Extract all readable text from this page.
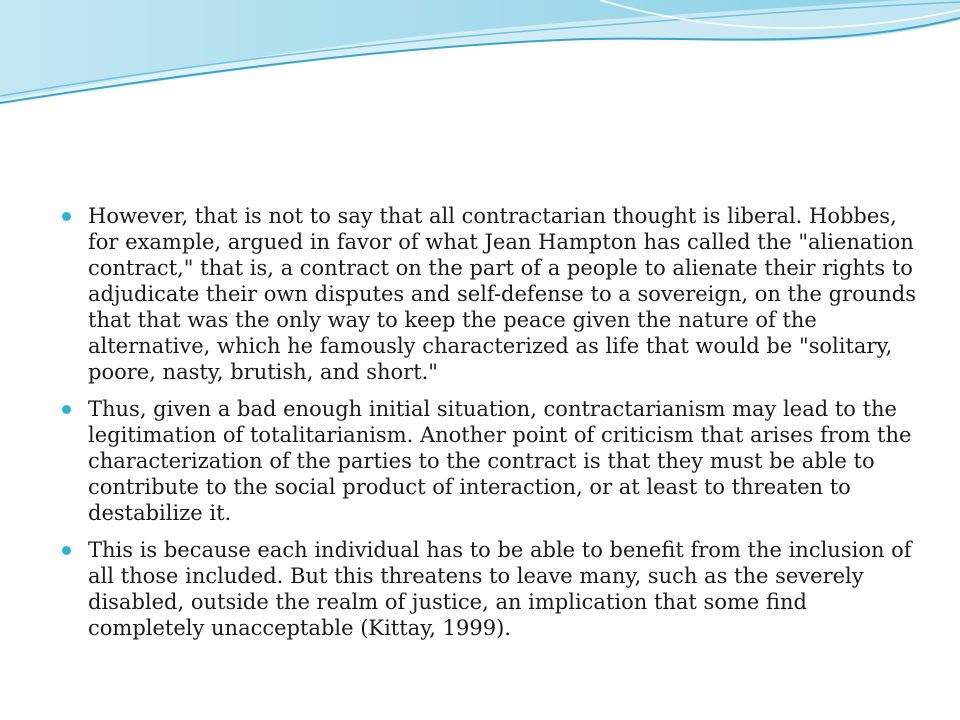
However, that is not to say that all contractarian thought is liberal. Hobbes, for example, argued in favor of what Jean Hampton has called the "alienation contract," that is, a contract on the part of a people to alienate their rights to adjudicate their own disputes and self-defense to a sovereign, on the grounds that that was the only way to keep the peace given the nature of the alternative, which he famously characterized as life that would be "solitary, poore, nasty, brutish, and short."
Thus, given a bad enough initial situation, contractarianism may lead to the legitimation of totalitarianism. Another point of criticism that arises from the characterization of the parties to the contract is that they must be able to contribute to the social product of interaction, or at least to threaten to destabilize it.
This is because each individual has to be able to benefit from the inclusion of all those included. But this threatens to leave many, such as the severely disabled, outside the realm of justice, an implication that some find completely unacceptable (Kittay, 1999).
